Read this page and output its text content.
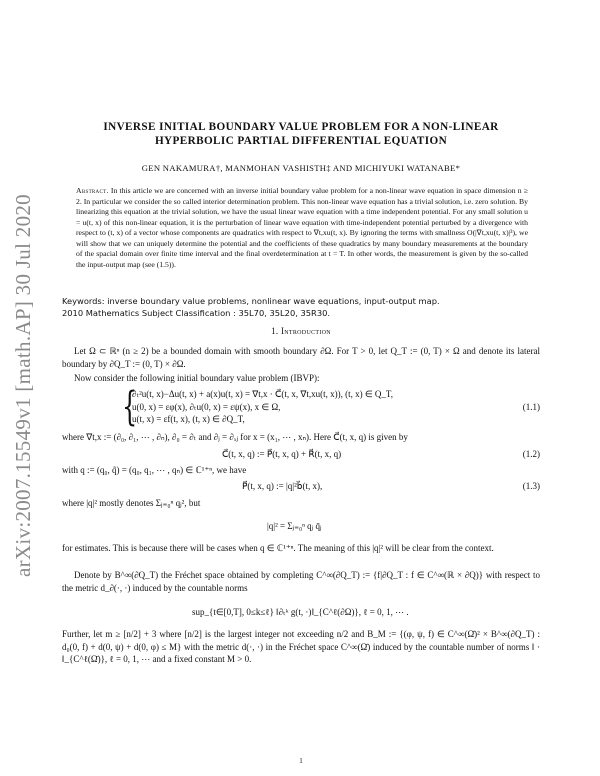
arXiv:2007.15549v1 [math.AP] 30 Jul 2020
INVERSE INITIAL BOUNDARY VALUE PROBLEM FOR A NON-LINEAR
HYPERBOLIC PARTIAL DIFFERENTIAL EQUATION
GEN NAKAMURA†, MANMOHAN VASHISTH‡ AND MICHIYUKI WATANABE*
Abstract. In this article we are concerned with an inverse initial boundary value problem for a non-linear wave equation in space dimension n ≥ 2. In particular we consider the so called interior determination problem. This non-linear wave equation has a trivial solution, i.e. zero solution. By linearizing this equation at the trivial solution, we have the usual linear wave equation with a time independent potential. For any small solution u = u(t, x) of this non-linear equation, it is the perturbation of linear wave equation with time-independent potential perturbed by a divergence with respect to (t, x) of a vector whose components are quadratics with respect to ∇t,xu(t, x). By ignoring the terms with smallness O(|∇t,xu(t, x)|³), we will show that we can uniquely determine the potential and the coefficients of these quadratics by many boundary measurements at the boundary of the spacial domain over finite time interval and the final overdetermination at t = T. In other words, the measurement is given by the so-called the input-output map (see (1.5)).
Keywords: inverse boundary value problems, nonlinear wave equations, input-output map.
2010 Mathematics Subject Classification : 35L70, 35L20, 35R30.
1. Introduction
Let Ω ⊂ ℝⁿ (n ≥ 2) be a bounded domain with smooth boundary ∂Ω. For T > 0, let Q_T := (0, T) × Ω and denote its lateral boundary by ∂Q_T := (0, T) × ∂Ω.
Now consider the following initial boundary value problem (IBVP):
{
∂ₜ²u(t, x)−Δu(t, x) + a(x)u(t, x) = ∇t,x · C⃗(t, x, ∇t,xu(t, x)), (t, x) ∈ Q_T,
u(0, x) = εφ(x), ∂ₜu(0, x) = εψ(x), x ∈ Ω,
u(t, x) = εf(t, x), (t, x) ∈ ∂Q_T,
(1.1)
where ∇t,x := (∂₀, ∂₁, ⋯ , ∂ₙ), ∂₀ = ∂ₜ and ∂ⱼ = ∂ₓⱼ for x = (x₁, ⋯ , xₙ). Here C⃗(t, x, q) is given by
C⃗(t, x, q) := P⃗(t, x, q) + R⃗(t, x, q)	(1.2)
with q := (q₀, q̃) = (q₀, q₁, ⋯ , qₙ) ∈ ℂ¹⁺ⁿ, we have
P⃗(t, x, q) := |q|²b⃗(t, x),	(1.3)
where |q|² mostly denotes Σⱼ₌₀ⁿ qⱼ², but
|q|² = Σⱼ₌₀ⁿ qⱼ q̄ⱼ
for estimates. This is because there will be cases when q ∈ ℂ¹⁺ⁿ. The meaning of this |q|² will be clear from the context.
Denote by B^∞(∂Q_T) the Fréchet space obtained by completing C^∞(∂Q_T) := {f|∂Q_T : f ∈ C^∞(ℝ × ∂Q)} with respect to the metric d_∂(·, ·) induced by the countable norms
sup_{t∈[0,T], 0≤k≤ℓ} ‖∂ₜᵏ g(t, ·)‖_{C^ℓ(∂Ω)}, ℓ = 0, 1, ⋯ .
Further, let m ≥ [n/2] + 3 where [n/2] is the largest integer not exceeding n/2 and B_M := {(φ, ψ, f) ∈ C^∞(Ω̄)² × B^∞(∂Q_T) : d₀(0, f) + d(0, ψ) + d(0, φ) ≤ M} with the metric d(·, ·) in the Fréchet space C^∞(Ω̄) induced by the countable number of norms ‖ · ‖_{C^ℓ(Ω̄)}, ℓ = 0, 1, ⋯ and a fixed constant M > 0.
1
